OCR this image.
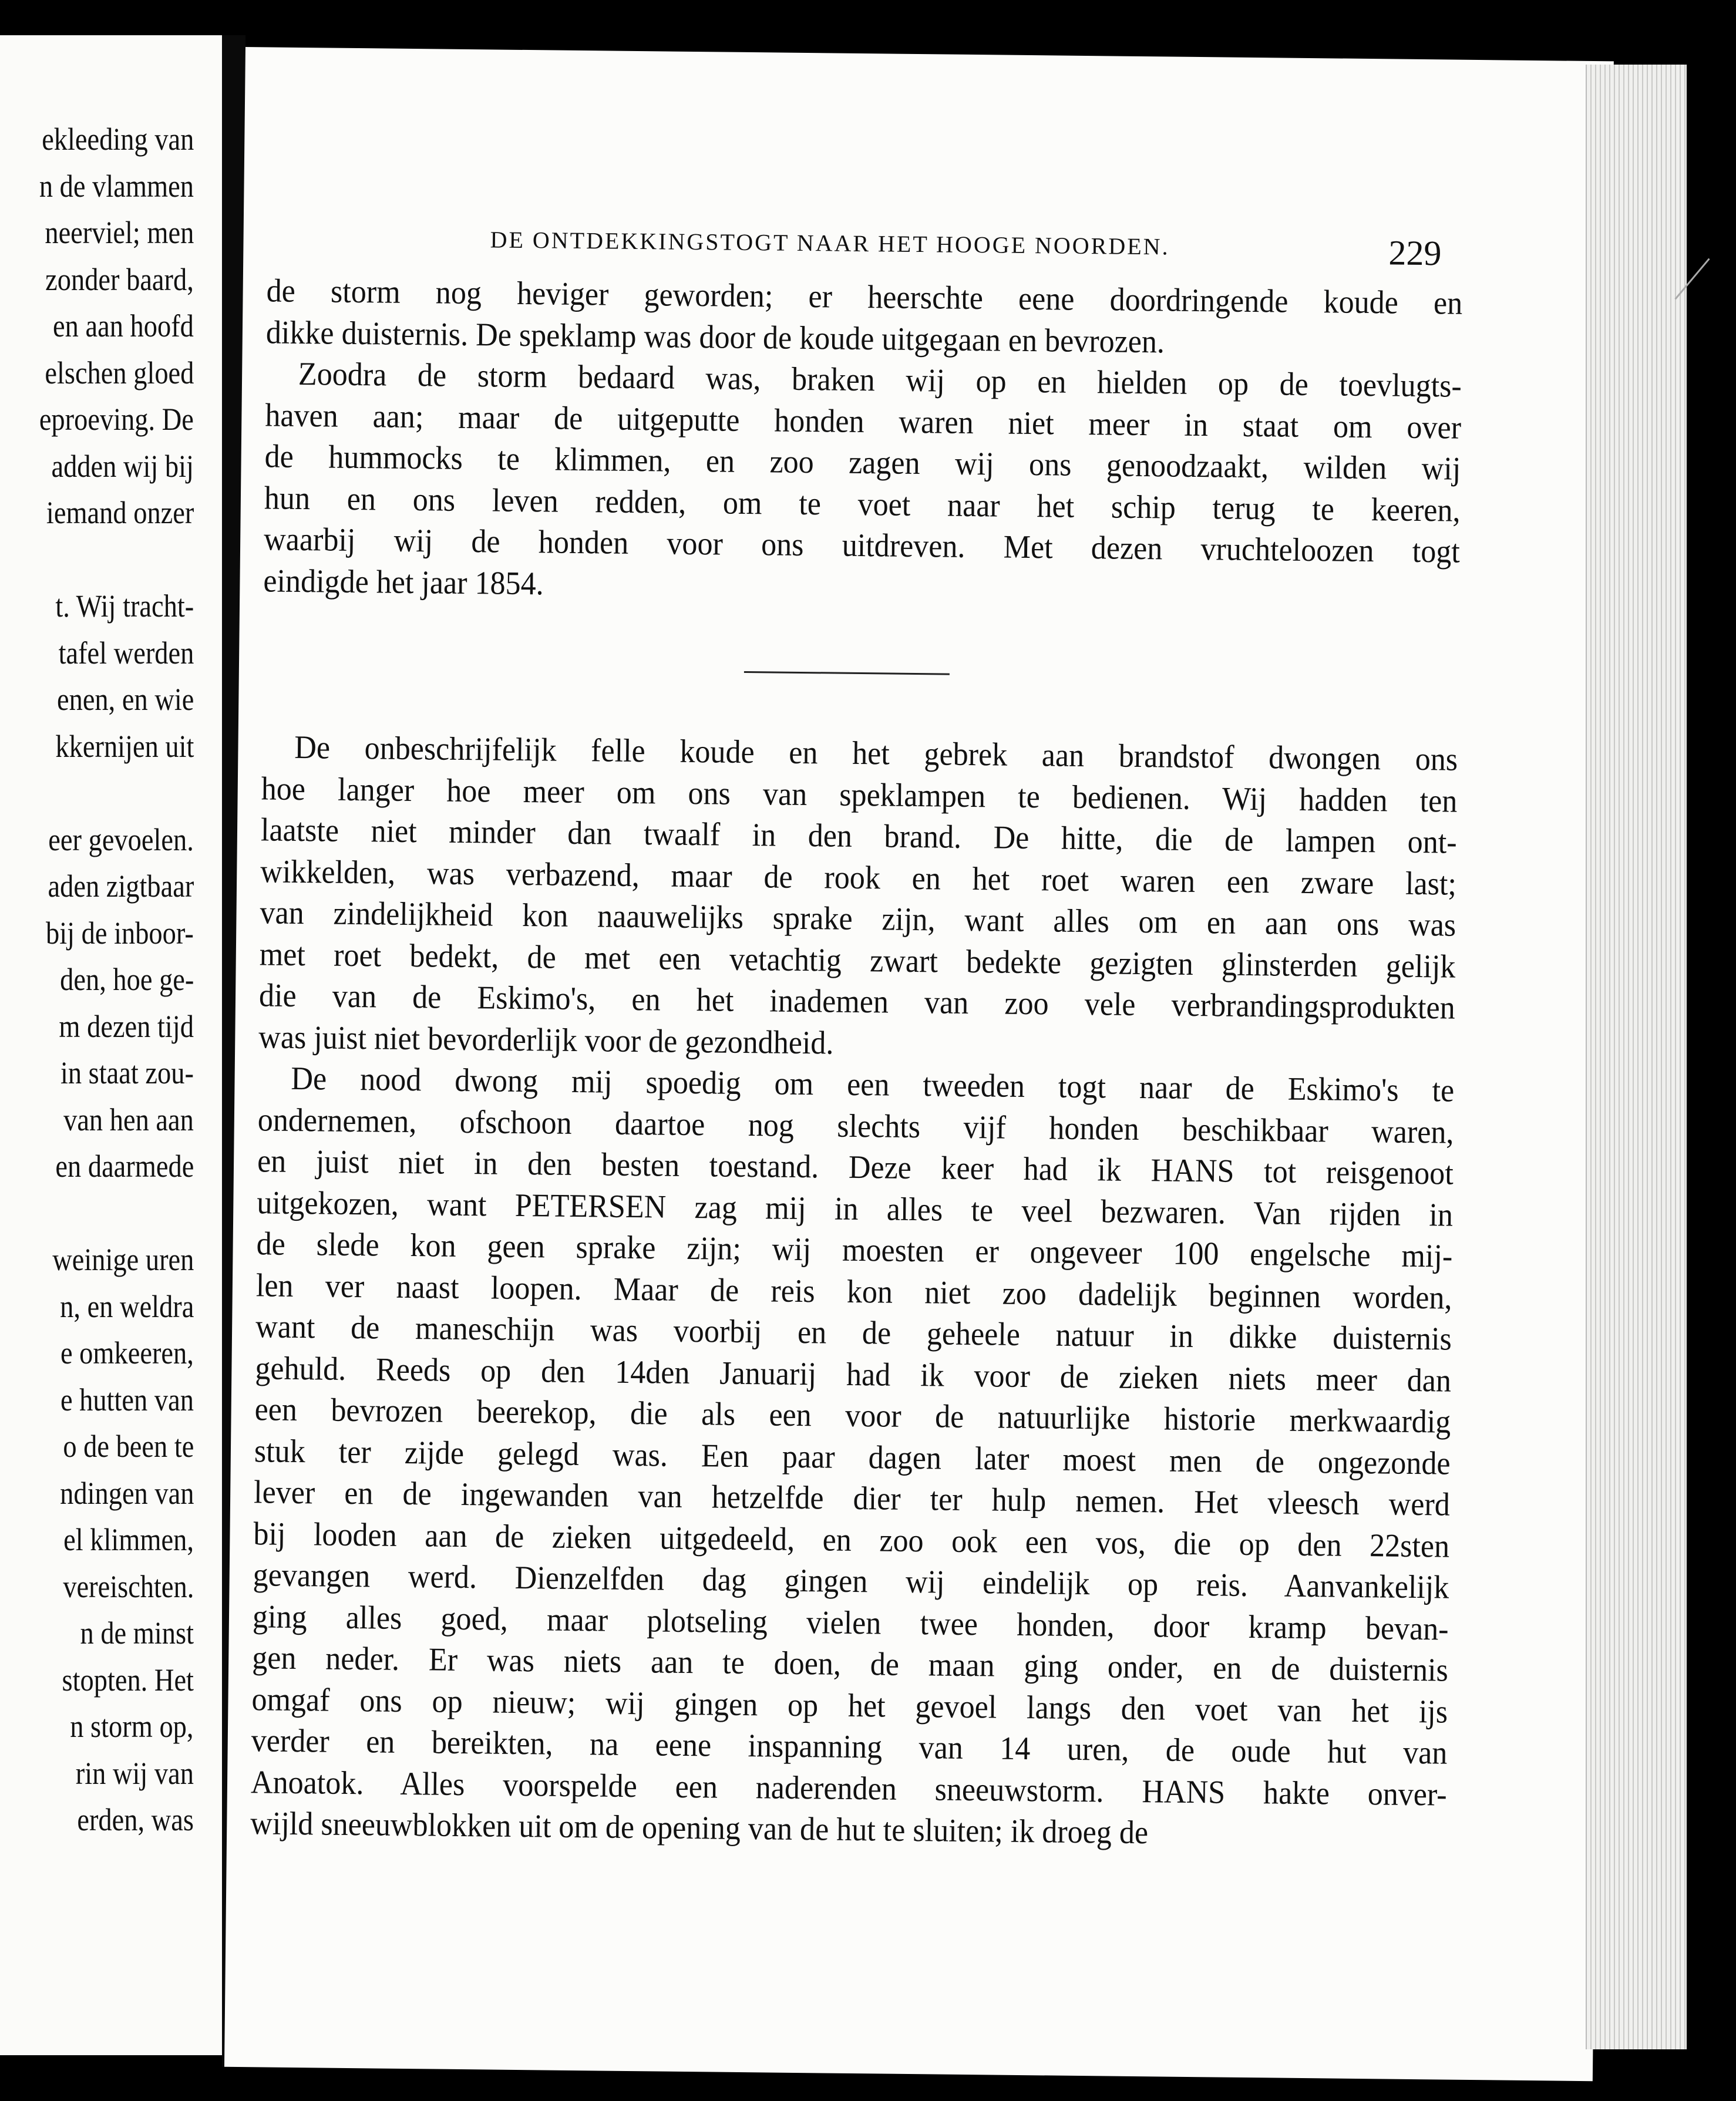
ekleeding van
n de vlammen
neerviel; men
zonder baard,
en aan hoofd
elschen gloed
eproeving. De
adden wij bij
iemand onzer
t. Wij tracht-
tafel werden
enen, en wie
kkernijen uit
eer gevoelen.
aden zigtbaar
bij de inboor-
den, hoe ge-
m dezen tijd
in staat zou-
van hen aan
en daarmede
weinige uren
n, en weldra
e omkeeren,
e hutten van
o de been te
ndingen van
el klimmen,
vereischten.
n de minst
stopten. Het
n storm op,
rin wij van
erden, was
DE ONTDEKKINGSTOGT NAAR HET HOOGE NOORDEN.	229
de storm nog heviger geworden; er heerschte eene doordringende koude en
dikke duisternis. De speklamp was door de koude uitgegaan en bevrozen.
Zoodra de storm bedaard was, braken wij op en hielden op de toevlugts-
haven aan; maar de uitgeputte honden waren niet meer in staat om over
de hummocks te klimmen, en zoo zagen wij ons genoodzaakt, wilden wij
hun en ons leven redden, om te voet naar het schip terug te keeren,
waarbij wij de honden voor ons uitdreven. Met dezen vruchteloozen togt
eindigde het jaar 1854.
De onbeschrijfelijk felle koude en het gebrek aan brandstof dwongen ons
hoe langer hoe meer om ons van speklampen te bedienen. Wij hadden ten
laatste niet minder dan twaalf in den brand. De hitte, die de lampen ont-
wikkelden, was verbazend, maar de rook en het roet waren een zware last;
van zindelijkheid kon naauwelijks sprake zijn, want alles om en aan ons was
met roet bedekt, de met een vetachtig zwart bedekte gezigten glinsterden gelijk
die van de Eskimo's, en het inademen van zoo vele verbrandingsprodukten
was juist niet bevorderlijk voor de gezondheid.
De nood dwong mij spoedig om een tweeden togt naar de Eskimo's te
ondernemen, ofschoon daartoe nog slechts vijf honden beschikbaar waren,
en juist niet in den besten toestand. Deze keer had ik HANS tot reisgenoot
uitgekozen, want PETERSEN zag mij in alles te veel bezwaren. Van rijden in
de slede kon geen sprake zijn; wij moesten er ongeveer 100 engelsche mij-
len ver naast loopen. Maar de reis kon niet zoo dadelijk beginnen worden,
want de maneschijn was voorbij en de geheele natuur in dikke duisternis
gehuld. Reeds op den 14den Januarij had ik voor de zieken niets meer dan
een bevrozen beerekop, die als een voor de natuurlijke historie merkwaardig
stuk ter zijde gelegd was. Een paar dagen later moest men de ongezonde
lever en de ingewanden van hetzelfde dier ter hulp nemen. Het vleesch werd
bij looden aan de zieken uitgedeeld, en zoo ook een vos, die op den 22sten
gevangen werd. Dienzelfden dag gingen wij eindelijk op reis. Aanvankelijk
ging alles goed, maar plotseling vielen twee honden, door kramp bevan-
gen neder. Er was niets aan te doen, de maan ging onder, en de duisternis
omgaf ons op nieuw; wij gingen op het gevoel langs den voet van het ijs
verder en bereikten, na eene inspanning van 14 uren, de oude hut van
Anoatok. Alles voorspelde een naderenden sneeuwstorm. HANS hakte onver-
wijld sneeuwblokken uit om de opening van de hut te sluiten; ik droeg de
